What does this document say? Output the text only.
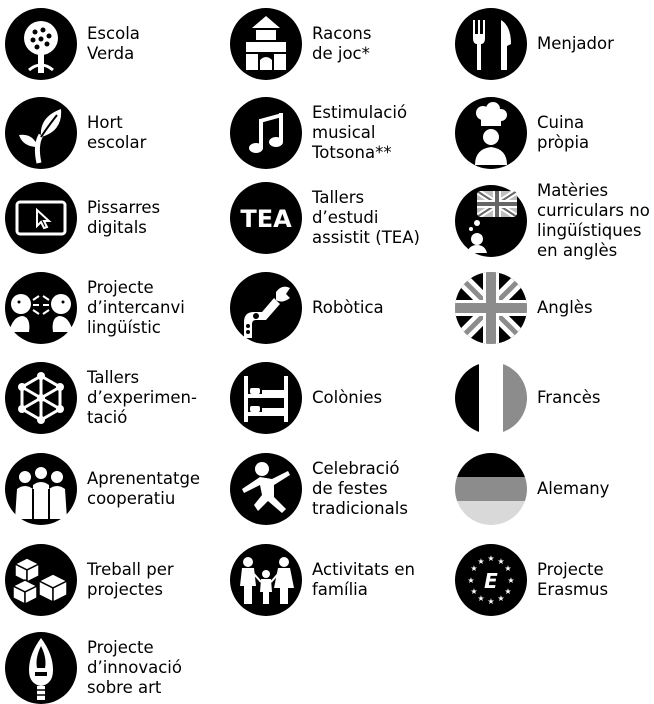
Escola
Verda
Hort
escolar
Pissarres
digitals
Projecte
d’intercanvi
lingüístic
Tallers
d’experimen-
tació
Aprenentatge
cooperatiu
Treball per
projectes
Projecte
d’innovació
sobre art
Racons
de joc*
Estimulació
musical
Totsona**
TEA
Tallers
d’estudi
assistit (TEA)
Robòtica
Colònies
Celebració
de festes
tradicionals
Activitats en
família
Menjador
Cuina
pròpia
Matèries
curriculars no
lingüístiques
en anglès
Anglès
Francès
Alemany
★ ★
★
★
★
★
★
★
★
★
★
★
E Projecte
Erasmus
